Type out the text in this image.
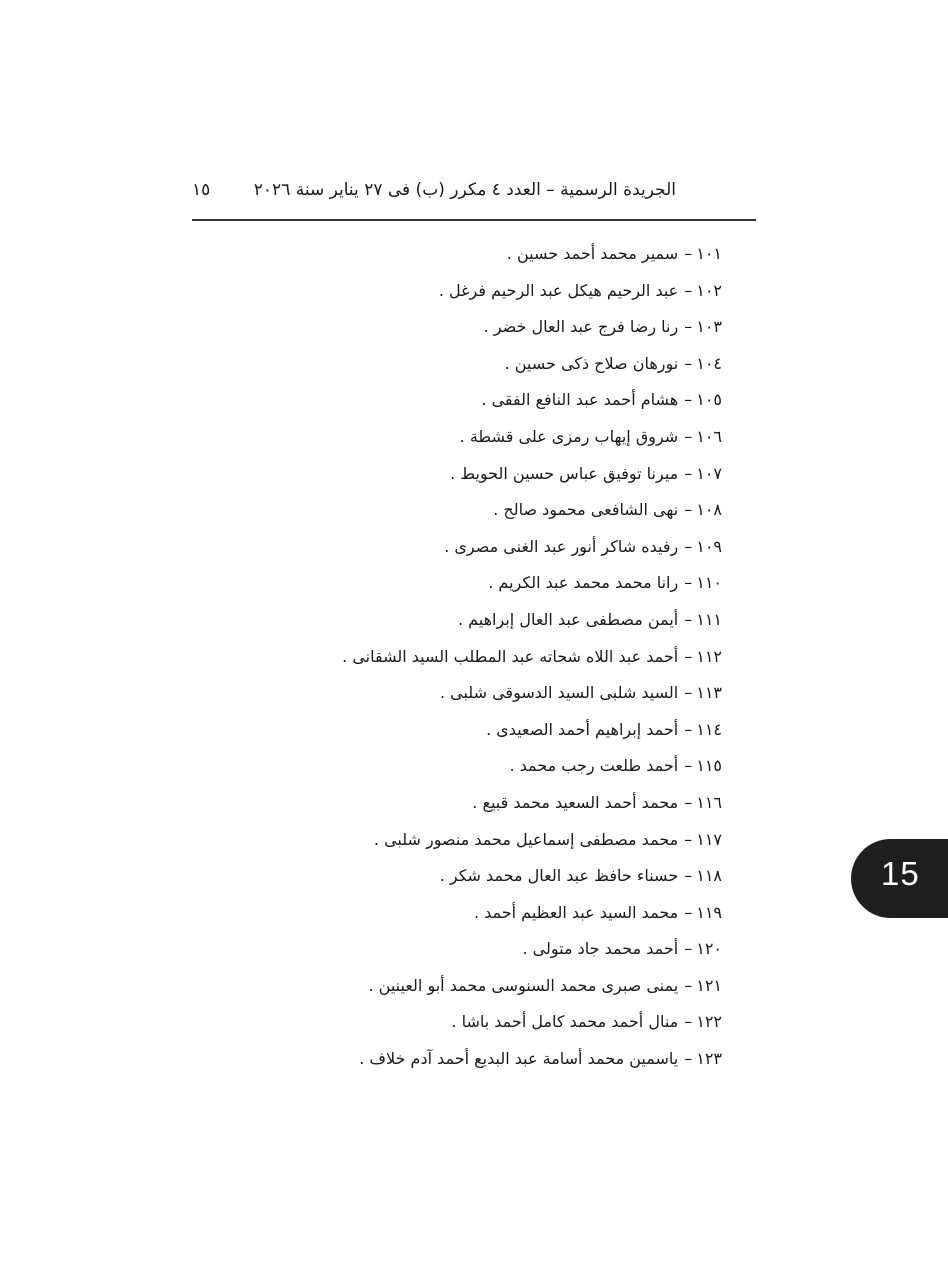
الجريدة الرسمية – العدد ٤ مكرر (ب) فى ٢٧ يناير سنة ٢٠٢٦
١٥
١٠١–سمير محمد أحمد حسين .
١٠٢–عبد الرحيم هيكل عبد الرحيم فرغل .
١٠٣–رنا رضا فرج عبد العال خضر .
١٠٤–نورهان صلاح ذكى حسين .
١٠٥–هشام أحمد عبد النافع الفقى .
١٠٦–شروق إيهاب رمزى على قشطة .
١٠٧–ميرنا توفيق عباس حسين الحويط .
١٠٨–نهى الشافعى محمود صالح .
١٠٩–رفيده شاكر أنور عبد الغنى مصرى .
١١٠–رانا محمد محمد عبد الكريم .
١١١–أيمن مصطفى عبد العال إبراهيم .
١١٢–أحمد عبد اللاه شحاته عبد المطلب السيد الشقانى .
١١٣–السيد شلبى السيد الدسوقى شلبى .
١١٤–أحمد إبراهيم أحمد الصعيدى .
١١٥–أحمد طلعت رجب محمد .
١١٦–محمد أحمد السعيد محمد قبيع .
١١٧–محمد مصطفى إسماعيل محمد منصور شلبى .
١١٨–حسناء حافظ عبد العال محمد شكر .
١١٩–محمد السيد عبد العظيم أحمد .
١٢٠–أحمد محمد جاد متولى .
١٢١–يمنى صبرى محمد السنوسى محمد أبو العينين .
١٢٢–منال أحمد محمد كامل أحمد باشا .
١٢٣–ياسمين محمد أسامة عبد البديع أحمد آدم خلاف .
15
